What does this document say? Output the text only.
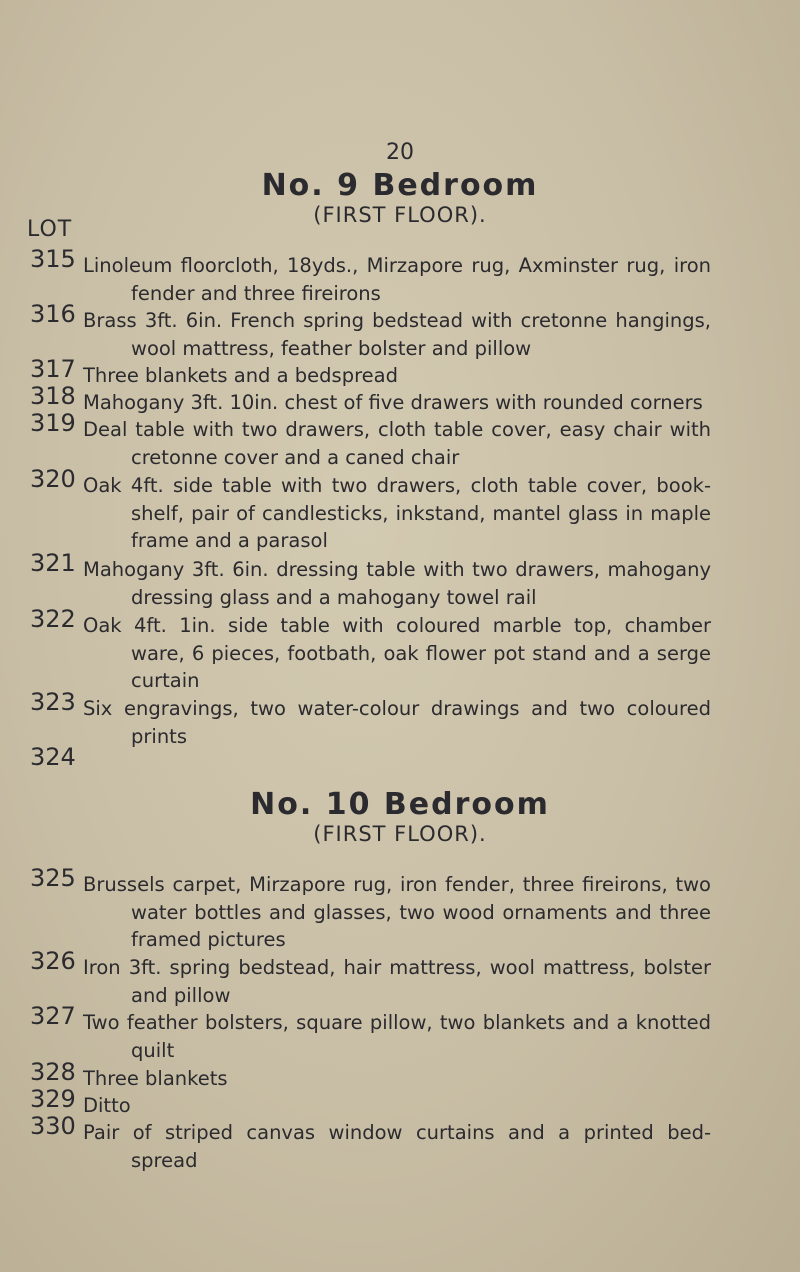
20
No. 9 Bedroom
(FIRST FLOOR).
LOT
315 Linoleum floorcloth, 18yds., Mirzapore rug, Axminster rug, iron fender and three fireirons
316 Brass 3ft. 6in. French spring bedstead with cretonne hangings, wool mattress, feather bolster and pillow
317 Three blankets and a bedspread
318 Mahogany 3ft. 10in. chest of five drawers with rounded corners
319 Deal table with two drawers, cloth table cover, easy chair with cretonne cover and a caned chair
320 Oak 4ft. side table with two drawers, cloth table cover, book-shelf, pair of candlesticks, inkstand, mantel glass in maple frame and a parasol
321 Mahogany 3ft. 6in. dressing table with two drawers, mahogany dressing glass and a mahogany towel rail
322 Oak 4ft. 1in. side table with coloured marble top, chamber ware, 6 pieces, footbath, oak flower pot stand and a serge curtain
323 Six engravings, two water-colour drawings and two coloured prints
324
No. 10 Bedroom
(FIRST FLOOR).
325 Brussels carpet, Mirzapore rug, iron fender, three fireirons, two water bottles and glasses, two wood ornaments and three framed pictures
326 Iron 3ft. spring bedstead, hair mattress, wool mattress, bolster and pillow
327 Two feather bolsters, square pillow, two blankets and a knotted quilt
328 Three blankets
329 Ditto
330 Pair of striped canvas window curtains and a printed bed-spread
